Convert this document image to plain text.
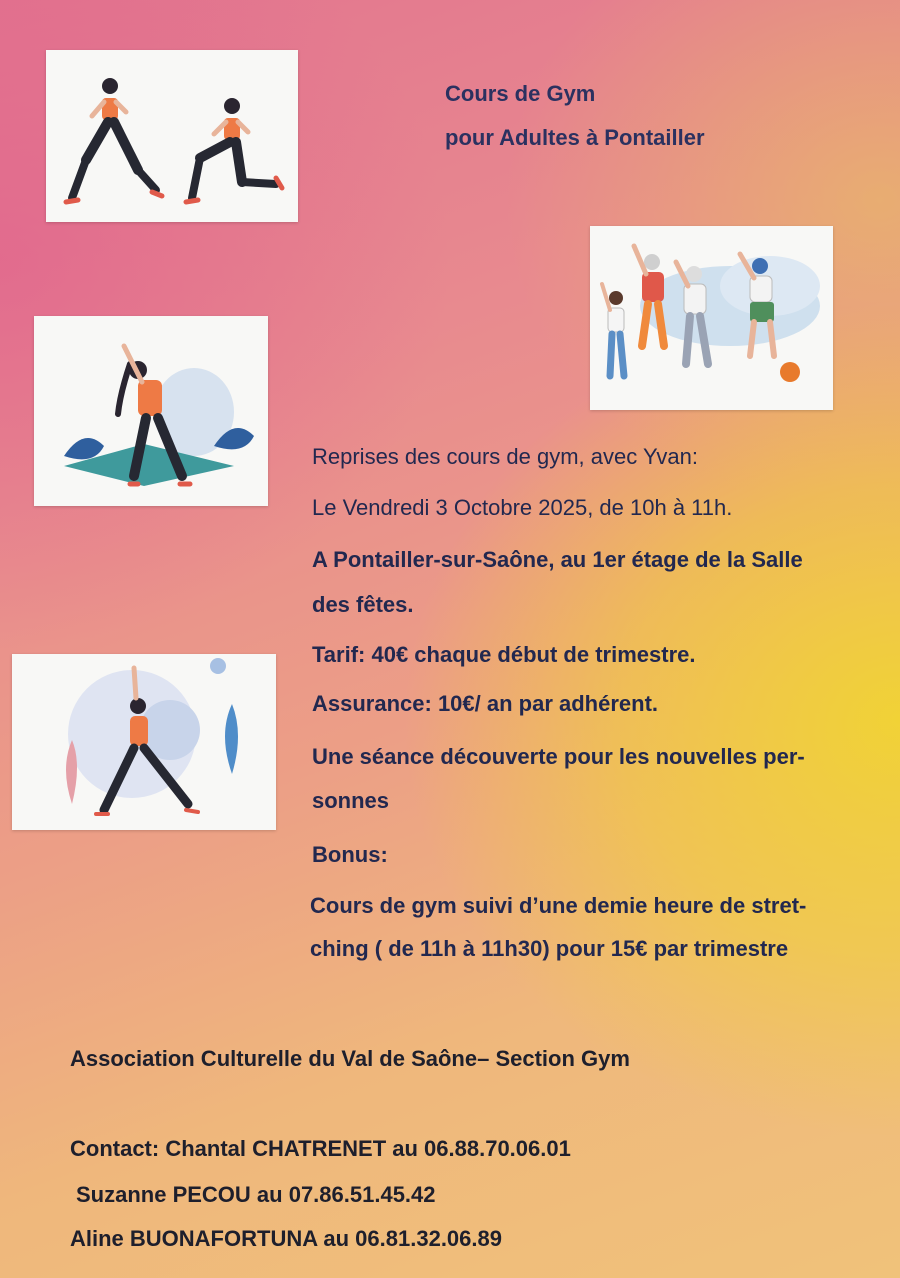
Cours de Gym
pour Adultes à Pontailler
Reprises des cours de gym, avec Yvan:
Le Vendredi 3 Octobre 2025, de 10h à 11h.
A Pontailler-sur-Saône, au 1er étage de la Salle
des fêtes.
Tarif: 40€ chaque début de trimestre.
Assurance: 10€/ an par adhérent.
Une séance découverte pour les nouvelles per-
sonnes
Bonus:
Cours de gym suivi d’une demie heure de stret-
ching ( de 11h à 11h30) pour 15€ par trimestre
Association Culturelle du Val de Saône– Section Gym
Contact: Chantal CHATRENET au 06.88.70.06.01
Suzanne PECOU au 07.86.51.45.42
Aline BUONAFORTUNA au 06.81.32.06.89
